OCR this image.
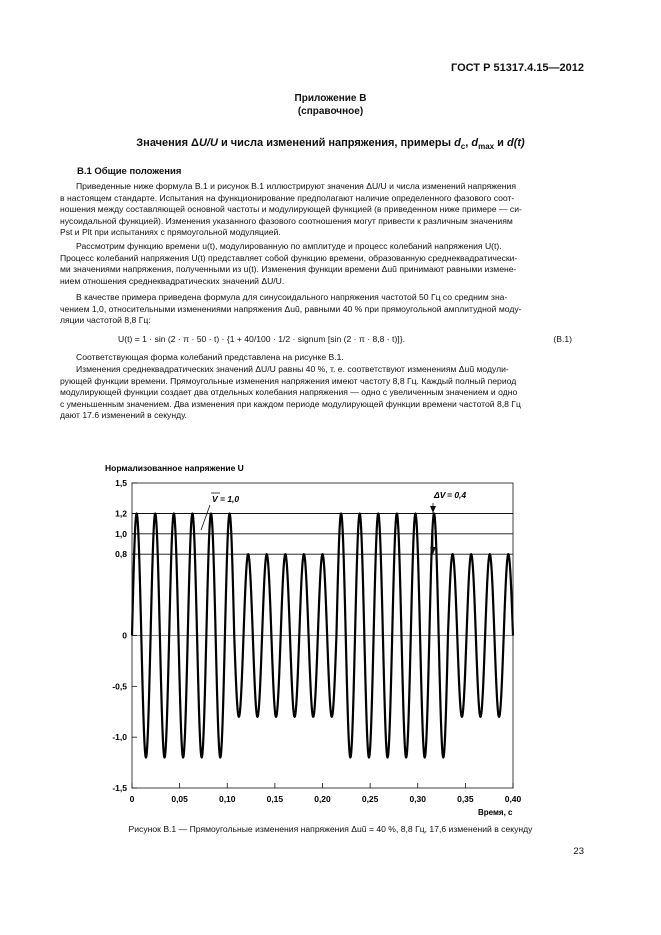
ГОСТ Р 51317.4.15—2012
Приложение В
(справочное)
Значения ΔU/U и числа изменений напряжения, примеры $d_c$, $d_{max}$ и d(t)
В.1 Общие положения
Приведенные ниже формула В.1 и рисунок В.1 иллюстрируют значения ΔU/U и числа изменений напряжения
в настоящем стандарте. Испытания на функционирование предполагают наличие определенного фазового соот-
ношения между составляющей основной частоты и модулирующей функцией (в приведенном ниже примере — си-
нусоидальной функцией). Изменения указанного фазового соотношения могут привести к различным значениям
Pst и Plt при испытаниях с прямоугольной модуляцией.
Рассмотрим функцию времени u(t), модулированную по амплитуде и процесс колебаний напряжения U(t).
Процесс колебаний напряжения U(t) представляет собой функцию времени, образованную среднеквадратически-
ми значениями напряжения, полученными из u(t). Изменения функции времени Δuũ принимают равными измене-
нием отношения среднеквадратических значений ΔU/U.
В качестве примера приведена формула для синусоидального напряжения частотой 50 Гц со средним зна-
чением 1,0, относительными изменениями напряжения Δuũ, равными 40 % при прямоугольной амплитудной моду-
ляции частотой 8,8 Гц:
U(t) = 1 · sin (2 · π · 50 · t) · {1 + 40/100 · 1/2 · signum [sin (2 · π · 8,8 · t)]}.	(В.1)
Соответствующая форма колебаний представлена на рисунке В.1.
Изменения среднеквадратических значений ΔU/U равны 40 %, т. е. соответствуют изменениям Δuũ модули-
рующей функции времени. Прямоугольные изменения напряжения имеют частоту 8,8 Гц. Каждый полный период
модулирующей функции создает два отдельных колебания напряжения — одно с увеличенным значением и одно
с уменьшенным значением. Два изменения при каждом периоде модулирующей функции времени частотой 8,8 Гц
дают 17.6 изменений в секунду.
0	0,05	0,10	0,15	0,20	0,25	0,30	0,35	0,40
1,5
1,2
1,0
0,8
0
-0,5
-1,0
-1,5
Нормализованное напряжение U
Время, с
V = 1,0	ΔV = 0,4
Рисунок В.1 — Прямоугольные изменения напряжения Δuũ = 40 %, 8,8 Гц, 17,6 изменений в секунду
23
